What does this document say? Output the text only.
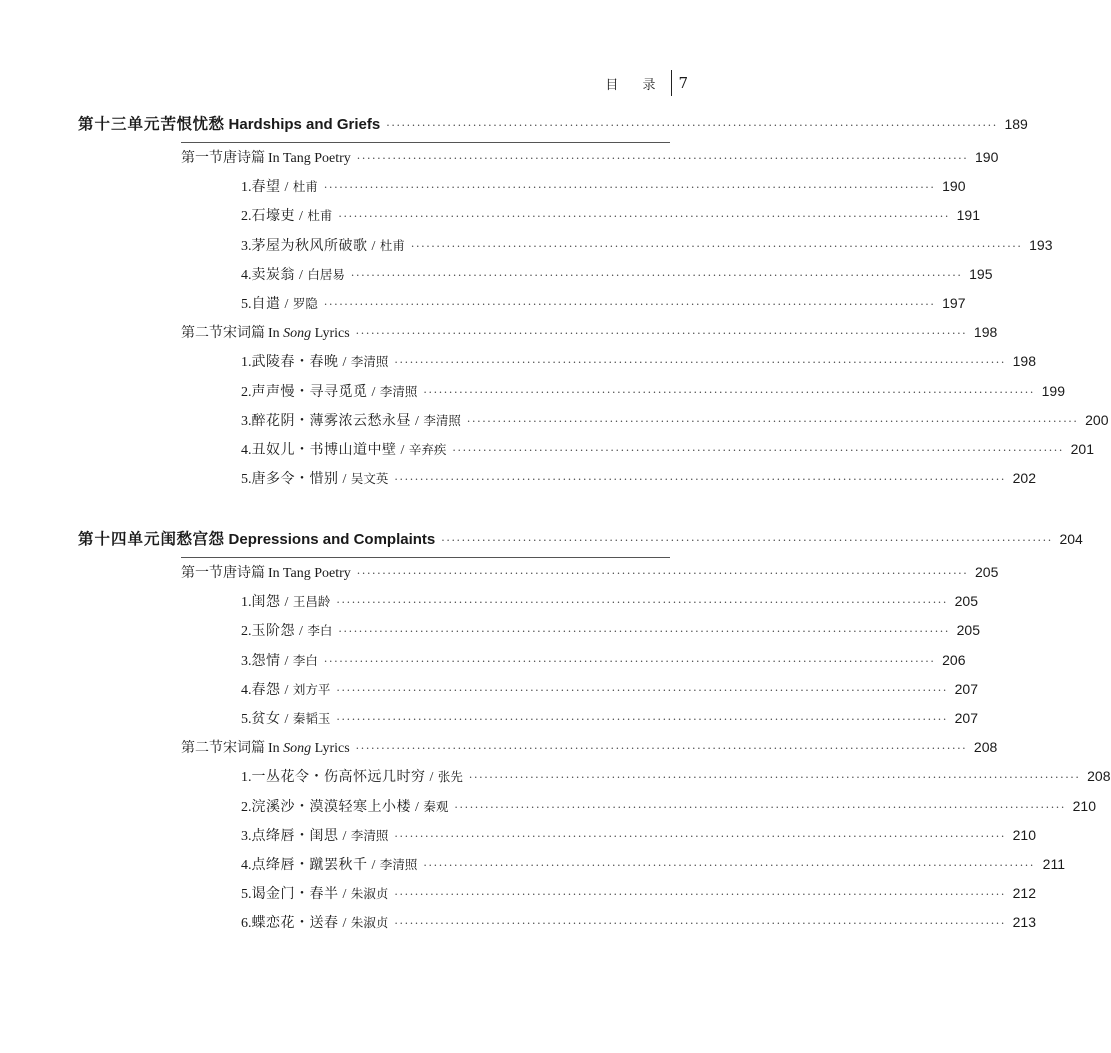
目 录 7
第十三单元 苦恨忧愁 Hardships and Griefs ························································································································ 189
第一节 唐诗篇 In Tang Poetry ························································································································ 190
1. 春望 / 杜甫 ························································································································ 190
2. 石壕吏 / 杜甫 ························································································································ 191
3. 茅屋为秋风所破歌 / 杜甫 ························································································································ 193
4. 卖炭翁 / 白居易 ························································································································ 195
5. 自遣 / 罗隐 ························································································································ 197
第二节 宋词篇 In Song Lyrics ························································································································ 198
1. 武陵春・春晚 / 李清照 ························································································································ 198
2. 声声慢・寻寻觅觅 / 李清照 ························································································································ 199
3. 醉花阴・薄雾浓云愁永昼 / 李清照 ························································································································ 200
4. 丑奴儿・书博山道中壁 / 辛弃疾 ························································································································ 201
5. 唐多令・惜别 / 吴文英 ························································································································ 202
第十四单元 闺愁宫怨 Depressions and Complaints ························································································································ 204
第一节 唐诗篇 In Tang Poetry ························································································································ 205
1. 闺怨 / 王昌龄 ························································································································ 205
2. 玉阶怨 / 李白 ························································································································ 205
3. 怨情 / 李白 ························································································································ 206
4. 春怨 / 刘方平 ························································································································ 207
5. 贫女 / 秦韬玉 ························································································································ 207
第二节 宋词篇 In Song Lyrics ························································································································ 208
1. 一丛花令・伤高怀远几时穷 / 张先 ························································································································ 208
2. 浣溪沙・漠漠轻寒上小楼 / 秦观 ························································································································ 210
3. 点绛唇・闺思 / 李清照 ························································································································ 210
4. 点绛唇・蹴罢秋千 / 李清照 ························································································································ 211
5. 谒金门・春半 / 朱淑贞 ························································································································ 212
6. 蝶恋花・送春 / 朱淑贞 ························································································································ 213
